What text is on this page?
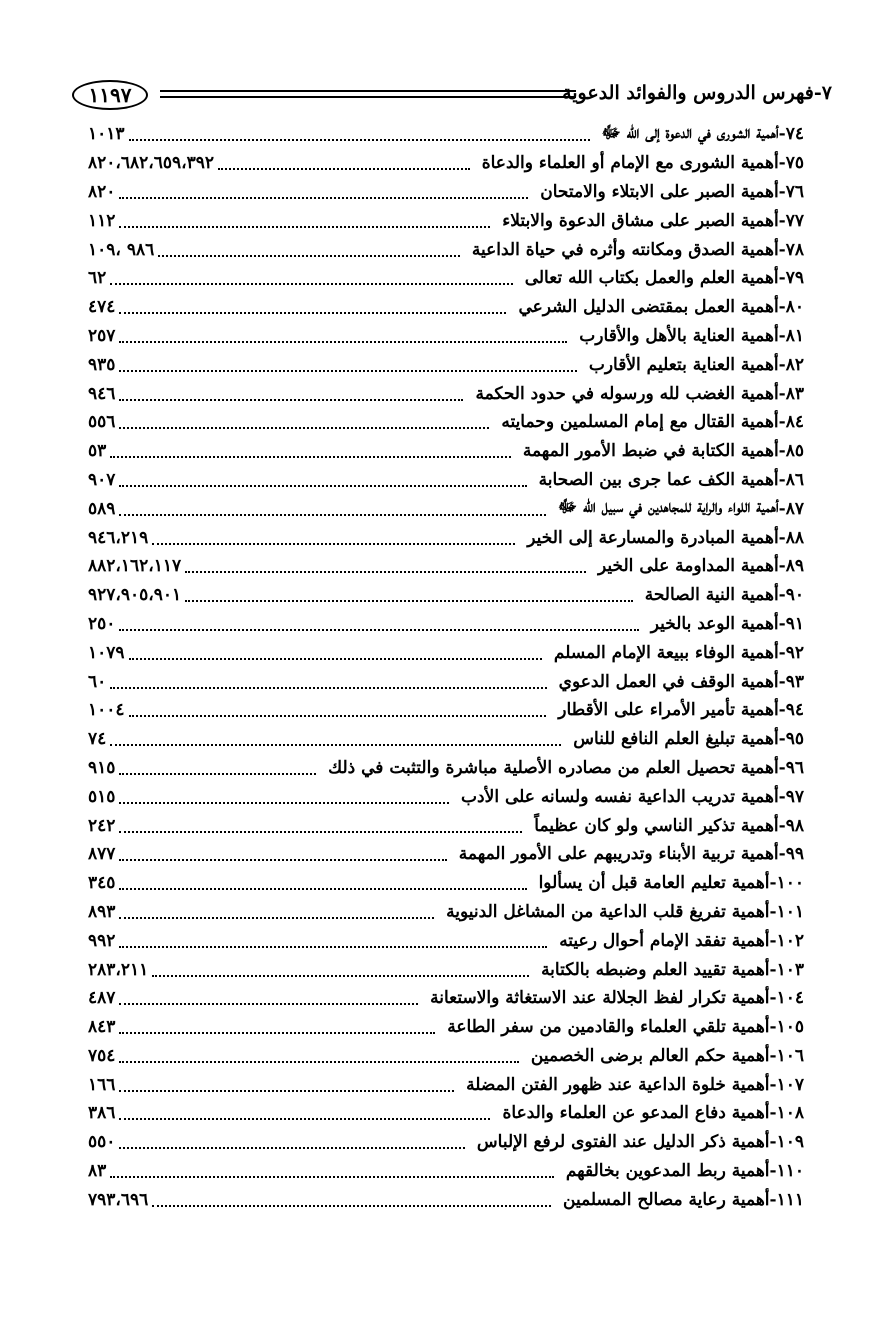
٧-فهرس الدروس والفوائد الدعوية
١١٩٧
٧٤
-
أهمية الشورى في الدعوة إلى الله ﷻ
١٠١٣
٧٥
-
أهمية الشورى مع الإمام أو العلماء والدعاة
٨٢٠،٦٨٢،٦٥٩،٣٩٢
٧٦
-
أهمية الصبر على الابتلاء والامتحان
٨٢٠
٧٧
-
أهمية الصبر على مشاق الدعوة والابتلاء
١١٢
٧٨
-
أهمية الصدق ومكانته وأثره في حياة الداعية
٩٨٦ ،١٠٩
٧٩
-
أهمية العلم والعمل بكتاب الله تعالى
٦٢
٨٠
-
أهمية العمل بمقتضى الدليل الشرعي
٤٧٤
٨١
-
أهمية العناية بالأهل والأقارب
٢٥٧
٨٢
-
أهمية العناية بتعليم الأقارب
٩٣٥
٨٣
-
أهمية الغضب لله ورسوله في حدود الحكمة
٩٤٦
٨٤
-
أهمية القتال مع إمام المسلمين وحمايته
٥٥٦
٨٥
-
أهمية الكتابة في ضبط الأمور المهمة
٥٣
٨٦
-
أهمية الكف عما جرى بين الصحابة
٩٠٧
٨٧
-
أهمية اللواء والراية للمجاهدين في سبيل الله ﷻ
٥٨٩
٨٨
-
أهمية المبادرة والمسارعة إلى الخير
٩٤٦،٢١٩
٨٩
-
أهمية المداومة على الخير
٨٨٢،١٦٢،١١٧
٩٠
-
أهمية النية الصالحة
٩٢٧،٩٠٥،٩٠١
٩١
-
أهمية الوعد بالخير
٢٥٠
٩٢
-
أهمية الوفاء ببيعة الإمام المسلم
١٠٧٩
٩٣
-
أهمية الوقف في العمل الدعوي
٦٠
٩٤
-
أهمية تأمير الأمراء على الأقطار
١٠٠٤
٩٥
-
أهمية تبليغ العلم النافع للناس
٧٤
٩٦
-
أهمية تحصيل العلم من مصادره الأصلية مباشرة والتثبت في ذلك
٩١٥
٩٧
-
أهمية تدريب الداعية نفسه ولسانه على الأدب
٥١٥
٩٨
-
أهمية تذكير الناسي ولو كان عظيماً
٢٤٢
٩٩
-
أهمية تربية الأبناء وتدريبهم على الأمور المهمة
٨٧٧
١٠٠
-
أهمية تعليم العامة قبل أن يسألوا
٣٤٥
١٠١
-
أهمية تفريغ قلب الداعية من المشاغل الدنيوية
٨٩٣
١٠٢
-
أهمية تفقد الإمام أحوال رعيته
٩٩٢
١٠٣
-
أهمية تقييد العلم وضبطه بالكتابة
٢٨٣،٢١١
١٠٤
-
أهمية تكرار لفظ الجلالة عند الاستغاثة والاستعانة
٤٨٧
١٠٥
-
أهمية تلقي العلماء والقادمين من سفر الطاعة
٨٤٣
١٠٦
-
أهمية حكم العالم برضى الخصمين
٧٥٤
١٠٧
-
أهمية خلوة الداعية عند ظهور الفتن المضلة
١٦٦
١٠٨
-
أهمية دفاع المدعو عن العلماء والدعاة
٣٨٦
١٠٩
-
أهمية ذكر الدليل عند الفتوى لرفع الإلباس
٥٥٠
١١٠
-
أهمية ربط المدعوين بخالقهم
٨٣
١١١
-
أهمية رعاية مصالح المسلمين
٧٩٣،٦٩٦
